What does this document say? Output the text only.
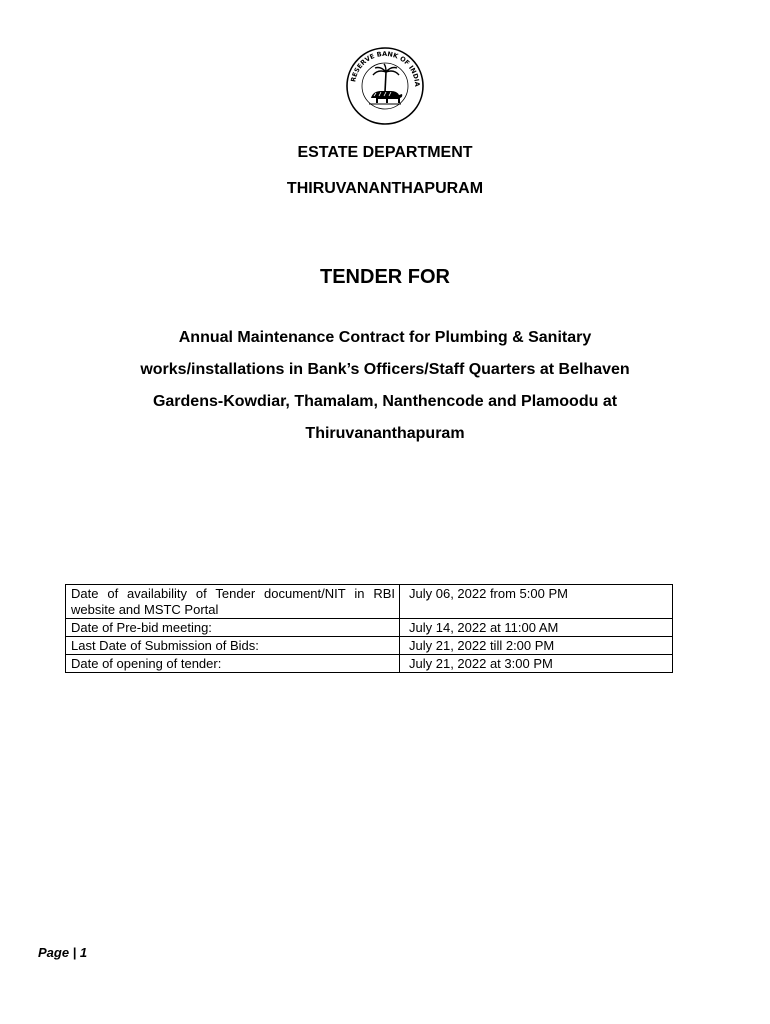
RESERVE BANK OF INDIA
ESTATE DEPARTMENT
THIRUVANANTHAPURAM
TENDER FOR
Annual Maintenance Contract for Plumbing & Sanitary
works/installations in Bank’s Officers/Staff Quarters at Belhaven
Gardens-Kowdiar, Thamalam, Nanthencode and Plamoodu at
Thiruvananthapuram
Date of availability of Tender document/NIT in RBI website and MSTC Portal	July 06, 2022 from 5:00 PM
Date of Pre-bid meeting:	July 14, 2022 at 11:00 AM
Last Date of Submission of Bids:	July 21, 2022 till 2:00 PM
Date of opening of tender:	July 21, 2022 at 3:00 PM
Page | 1
